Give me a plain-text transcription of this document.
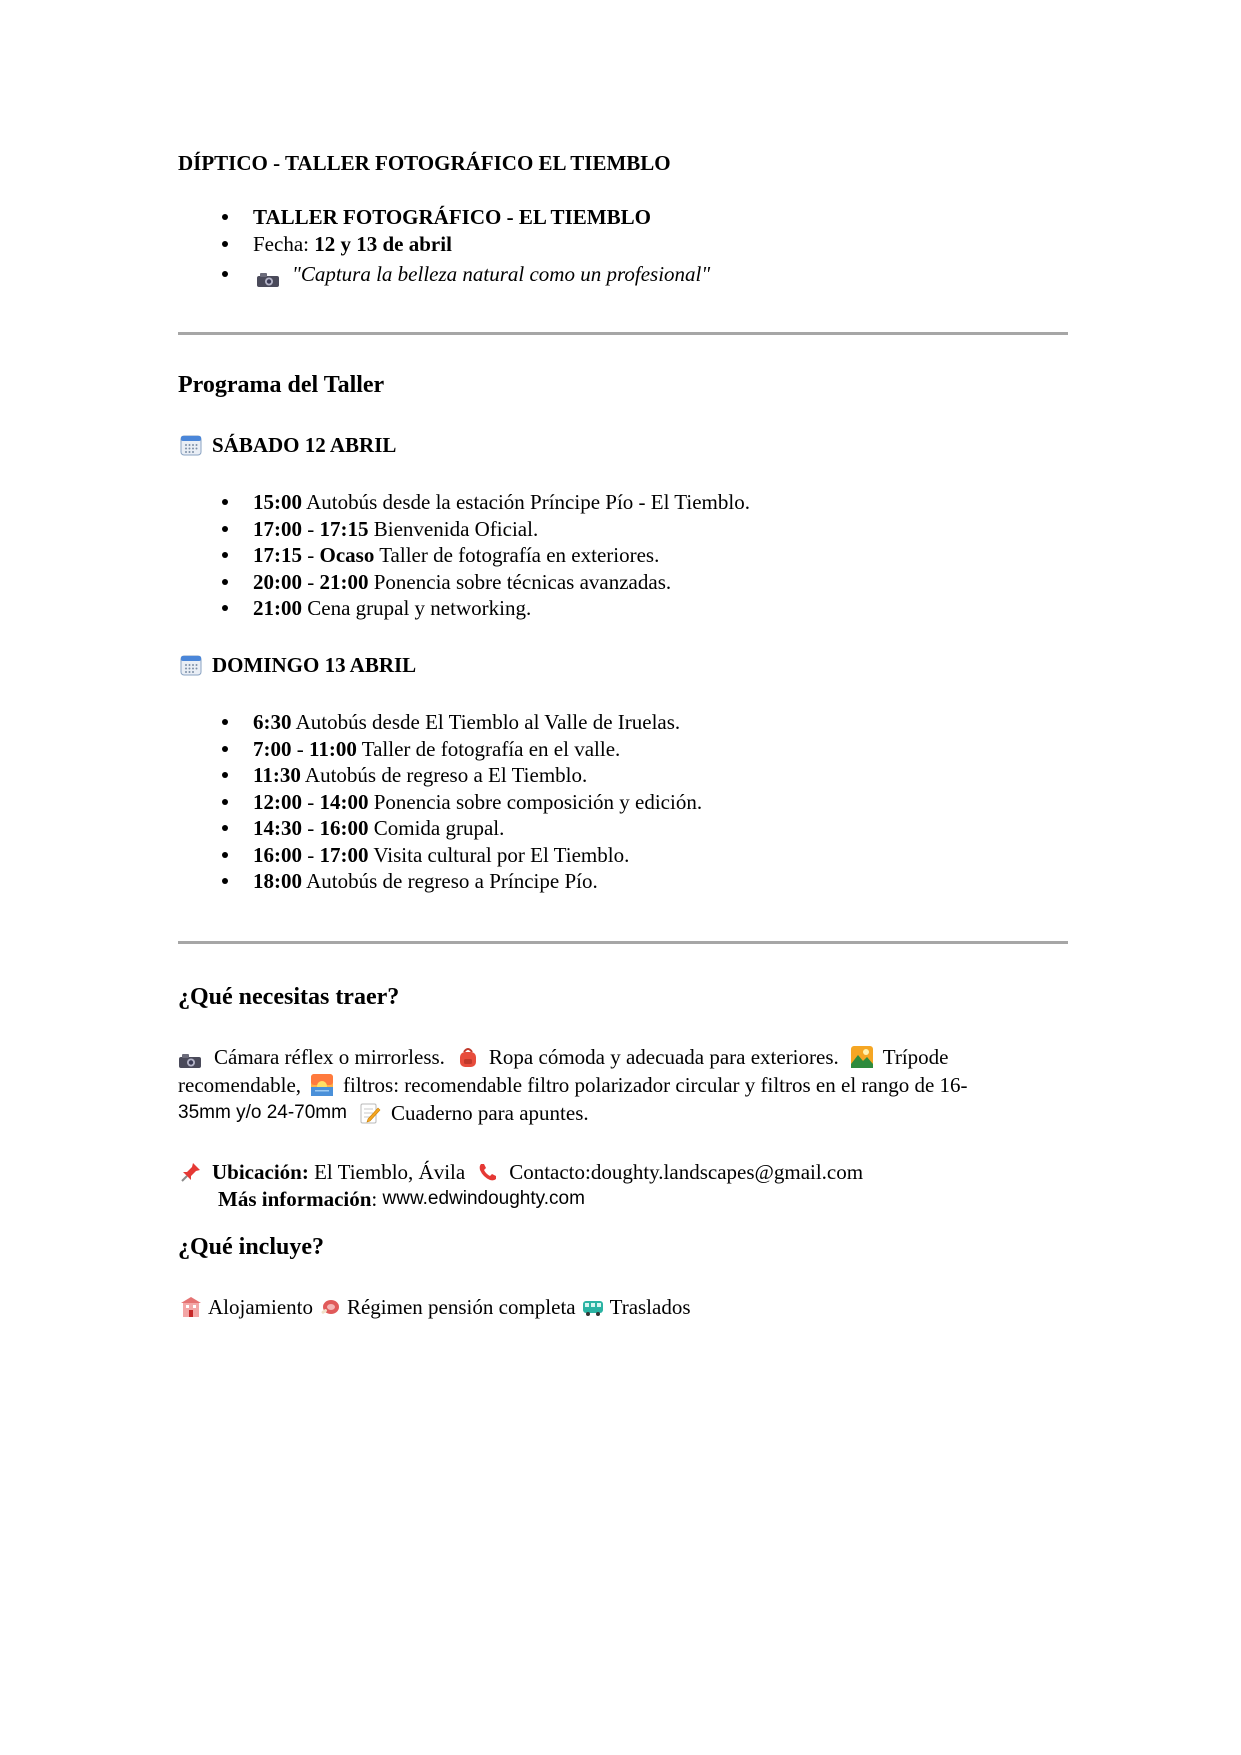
DÍPTICO - TALLER FOTOGRÁFICO EL TIEMBLO
TALLER FOTOGRÁFICO - EL TIEMBLO
Fecha: 12 y 13 de abril
"Captura la belleza natural como un profesional"
Programa del Taller
SÁBADO 12 ABRIL
15:00 Autobús desde la estación Príncipe Pío - El Tiemblo.
17:00 - 17:15 Bienvenida Oficial.
17:15 - Ocaso Taller de fotografía en exteriores.
20:00 - 21:00 Ponencia sobre técnicas avanzadas.
21:00 Cena grupal y networking.
DOMINGO 13 ABRIL
6:30 Autobús desde El Tiemblo al Valle de Iruelas.
7:00 - 11:00 Taller de fotografía en el valle.
11:30 Autobús de regreso a El Tiemblo.
12:00 - 14:00 Ponencia sobre composición y edición.
14:30 - 16:00 Comida grupal.
16:00 - 17:00 Visita cultural por El Tiemblo.
18:00 Autobús de regreso a Príncipe Pío.
¿Qué necesitas traer?
Cámara réflex o mirrorless. Ropa cómoda y adecuada para exteriores. Trípode
recomendable, filtros: recomendable filtro polarizador circular y filtros en el rango de 16-
35mm y/o 24-70mm Cuaderno para apuntes.
Ubicación: El Tiemblo, Ávila Contacto:doughty.landscapes@gmail.com
Más información : www.edwindoughty.com
¿Qué incluye?
Alojamiento Régimen pensión completa Traslados
